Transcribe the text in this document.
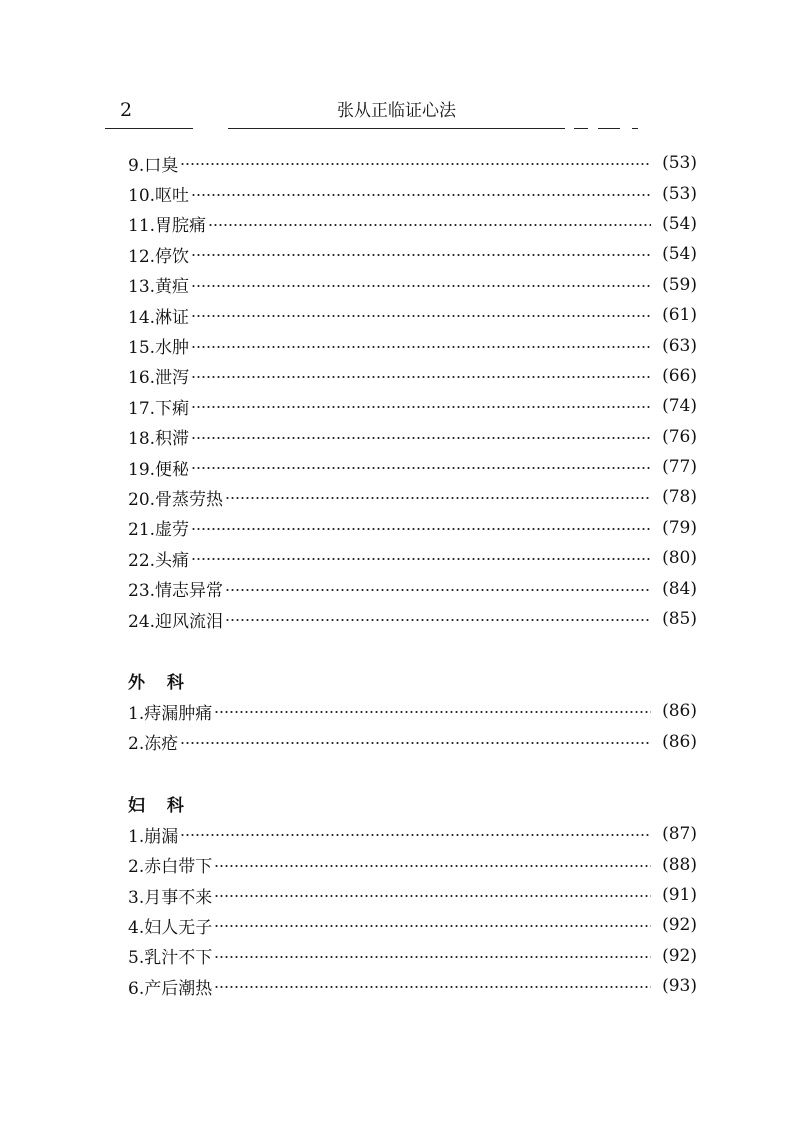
2	张从正临证心法
9.口臭	(53)
10.呕吐	(53)
11.胃脘痛	(54)
12.停饮	(54)
13.黄疸	(59)
14.淋证	(61)
15.水肿	(63)
16.泄泻	(66)
17.下痢	(74)
18.积滞	(76)
19.便秘	(77)
20.骨蒸劳热	(78)
21.虚劳	(79)
22.头痛	(80)
23.情志异常	(84)
24.迎风流泪	(85)
外 科
1.痔漏肿痛	(86)
2.冻疮	(86)
妇 科
1.崩漏	(87)
2.赤白带下	(88)
3.月事不来	(91)
4.妇人无子	(92)
5.乳汁不下	(92)
6.产后潮热	(93)
